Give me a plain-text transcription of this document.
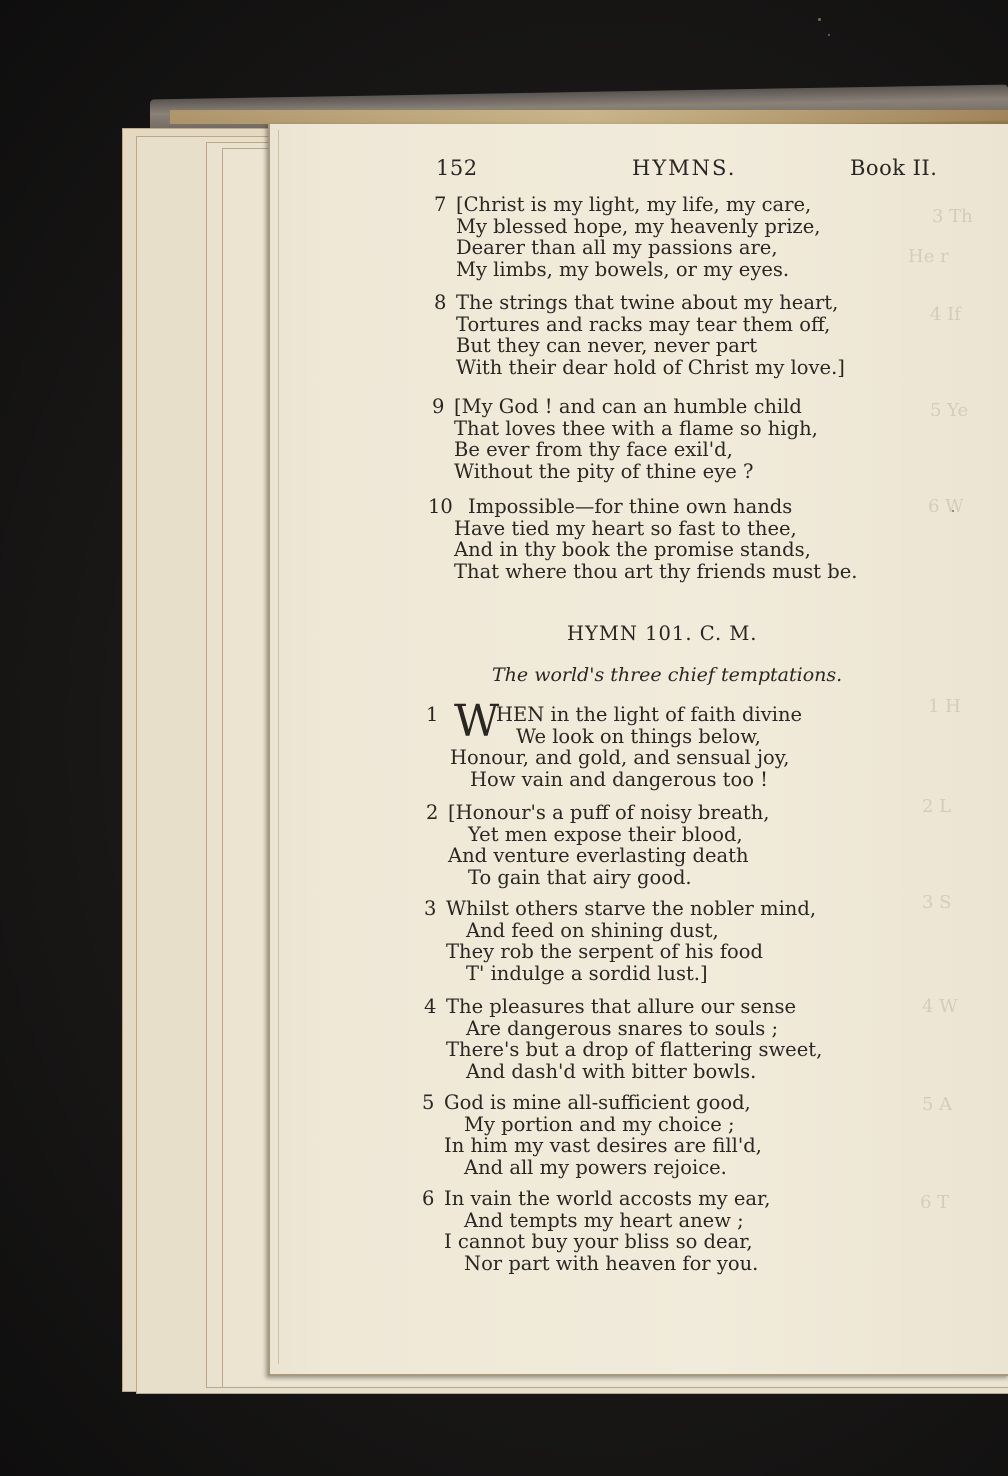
3 Th
He r
4 If
5 Ye
6 W
1 H
2 L
3 S
4 W
5 A
6 T
152	HYMNS.	Book II.
7 [Christ is my light, my life, my care,
My blessed hope, my heavenly prize,
Dearer than all my passions are,
My limbs, my bowels, or my eyes.
8 The strings that twine about my heart,
Tortures and racks may tear them off,
But they can never, never part
With their dear hold of Christ my love.]
9 [My God ! and can an humble child
That loves thee with a flame so high,
Be ever from thy face exil'd,
Without the pity of thine eye ?
10 Impossible—for thine own hands
Have tied my heart so fast to thee,
And in thy book the promise stands,
That where thou art thy friends must be.
HYMN 101. C. M.
The world's three chief temptations.
1 W
HEN in the light of faith divine
We look on things below,
Honour, and gold, and sensual joy,
How vain and dangerous too !
2 [Honour's a puff of noisy breath,
Yet men expose their blood,
And venture everlasting death
To gain that airy good.
3 Whilst others starve the nobler mind,
And feed on shining dust,
They rob the serpent of his food
T' indulge a sordid lust.]
4 The pleasures that allure our sense
Are dangerous snares to souls ;
There's but a drop of flattering sweet,
And dash'd with bitter bowls.
5 God is mine all-sufficient good,
My portion and my choice ;
In him my vast desires are fill'd,
And all my powers rejoice.
6 In vain the world accosts my ear,
And tempts my heart anew ;
I cannot buy your bliss so dear,
Nor part with heaven for you.
